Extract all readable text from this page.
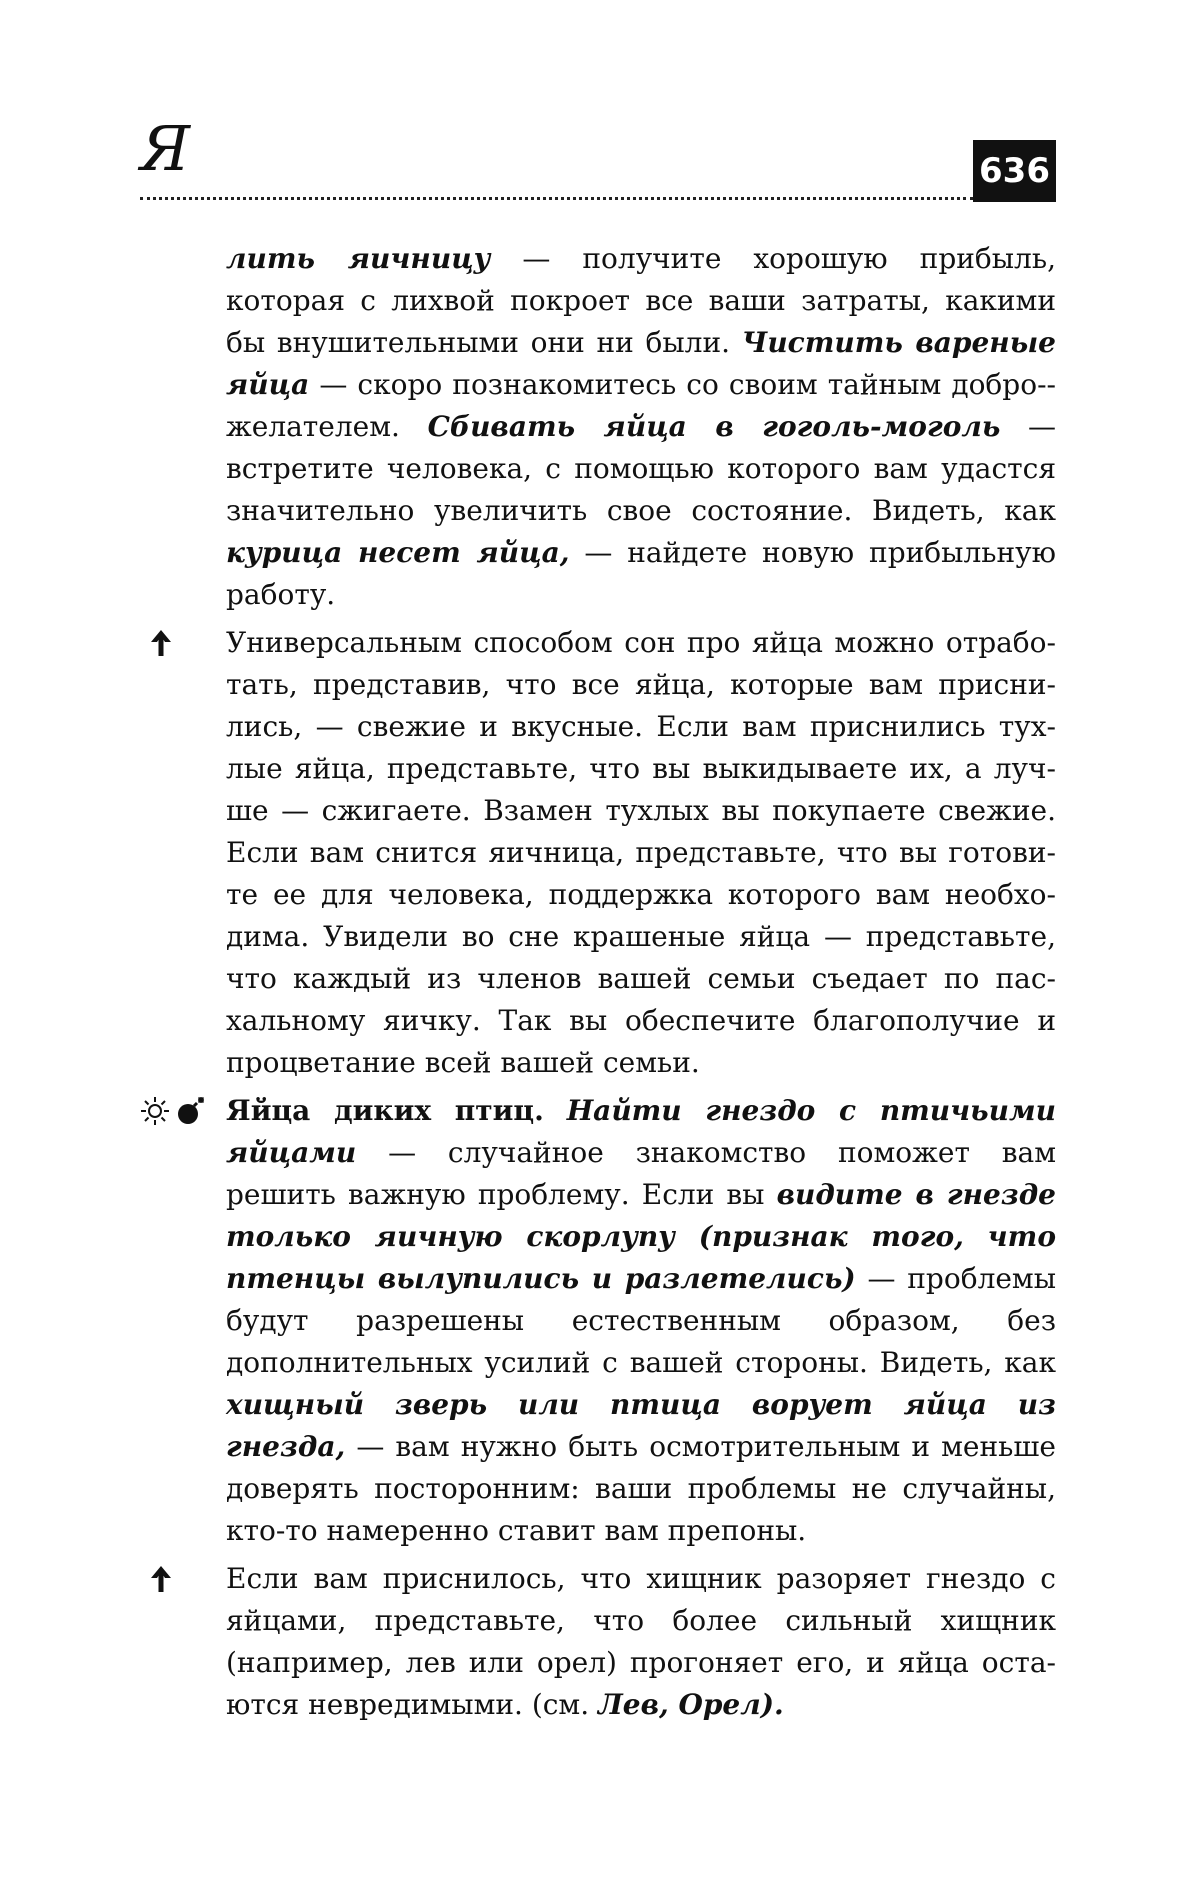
Я	636

лить яичницу — получите хорошую прибыль, которая с лихвой покроет все ваши затраты, какими бы внушительными они ни были. Чистить вареные яйца — скоро познакомитесь со своим тайным добро-желателем. Сбивать яйца в гоголь-моголь — встретите человека, с помощью которого вам удастся значительно увеличить свое состояние. Видеть, как курица несет яйца, — найдете новую прибыльную работу.

Универсальным способом сон про яйца можно отработать, представив, что все яйца, которые вам приснились, — свежие и вкусные. Если вам приснились тухлые яйца, представьте, что вы выкидываете их, а лучше — сжигаете. Взамен тухлых вы покупаете свежие. Если вам снится яичница, представьте, что вы готовите ее для человека, поддержка которого вам необходима. Увидели во сне крашеные яйца — представьте, что каждый из членов вашей семьи съедает по пасхальному яичку. Так вы обеспечите благополучие и процветание всей вашей семьи.

Яйца диких птиц. Найти гнездо с птичьими яйцами — случайное знакомство поможет вам решить важную проблему. Если вы видите в гнезде только яичную скорлупу (признак того, что птенцы вылупились и разлетелись) — проблемы будут разрешены естественным образом, без дополнительных усилий с вашей стороны. Видеть, как хищный зверь или птица ворует яйца из гнезда, — вам нужно быть осмотрительным и меньше доверять посторонним: ваши проблемы не случайны, кто-то намеренно ставит вам препоны.

Если вам приснилось, что хищник разоряет гнездо с яйцами, представьте, что более сильный хищник (например, лев или орел) прогоняет его, и яйца остаются невредимыми. (см. Лев, Орел).
